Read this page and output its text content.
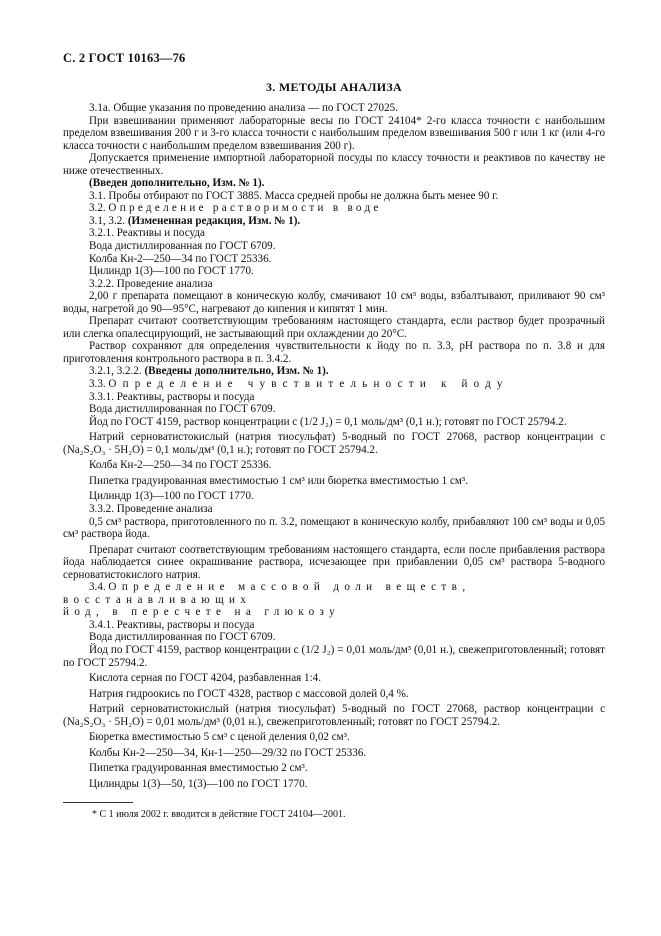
С. 2 ГОСТ 10163—76
3. МЕТОДЫ АНАЛИЗА

3.1а. Общие указания по проведению анализа — по ГОСТ 27025.

При взвешивании применяют лабораторные весы по ГОСТ 24104* 2-го класса точности с наибольшим пределом взвешивания 200 г и 3-го класса точности с наибольшим пределом взвешивания 500 г или 1 кг (или 4-го класса точности с наибольшим пределом взвешивания 200 г).

Допускается применение импортной лабораторной посуды по классу точности и реактивов по качеству не ниже отечественных.

(Введен дополнительно, Изм. № 1).

3.1. Пробы отбирают по ГОСТ 3885. Масса средней пробы не должна быть менее 90 г.

3.2. Определение растворимости в воде

3.1, 3.2. (Измененная редакция, Изм. № 1).

3.2.1. Реактивы и посуда

Вода дистиллированная по ГОСТ 6709.

Колба Кн-2—250—34 по ГОСТ 25336.

Цилиндр 1(3)—100 по ГОСТ 1770.

3.2.2. Проведение анализа

2,00 г препарата помещают в коническую колбу, смачивают 10 см³ воды, взбалтывают, приливают 90 см³ воды, нагретой до 90—95°С, нагревают до кипения и кипятят 1 мин.

Препарат считают соответствующим требованиям настоящего стандарта, если раствор будет прозрачный или слегка опалесцирующий, не застывающий при охлаждении до 20°С.

Раствор сохраняют для определения чувствительности к йоду по п. 3.3, pH раствора по п. 3.8 и для приготовления контрольного раствора в п. 3.4.2.

3.2.1, 3.2.2. (Введены дополнительно, Изм. № 1).

3.3. Определение чувствительности к йоду

3.3.1. Реактивы, растворы и посуда

Вода дистиллированная по ГОСТ 6709.

Йод по ГОСТ 4159, раствор концентрации c (1/2 J₂) = 0,1 моль/дм³ (0,1 н.); готовят по ГОСТ 25794.2.

Натрий серноватистокислый (натрия тиосульфат) 5-водный по ГОСТ 27068, раствор концентрации c (Na₂S₂O₃ · 5H₂O) = 0,1 моль/дм³ (0,1 н.); готовят по ГОСТ 25794.2.

Колба Кн-2—250—34 по ГОСТ 25336.

Пипетка градуированная вместимостью 1 см³ или бюретка вместимостью 1 см³.

Цилиндр 1(3)—100 по ГОСТ 1770.

3.3.2. Проведение анализа

0,5 см³ раствора, приготовленного по п. 3.2, помещают в коническую колбу, прибавляют 100 см³ воды и 0,05 см³ раствора йода.

Препарат считают соответствующим требованиям настоящего стандарта, если после прибавления раствора йода наблюдается синее окрашивание раствора, исчезающее при прибавлении 0,05 см³ раствора 5-водного серноватистокислого натрия.

3.4. Определение массовой доли веществ, восстанавливающих

йод, в пересчете на глюкозу

3.4.1. Реактивы, растворы и посуда

Вода дистиллированная по ГОСТ 6709.

Йод по ГОСТ 4159, раствор концентрации c (1/2 J₂) = 0,01 моль/дм³ (0,01 н.), свежеприготовленный; готовят по ГОСТ 25794.2.

Кислота серная по ГОСТ 4204, разбавленная 1:4.

Натрия гидроокись по ГОСТ 4328, раствор с массовой долей 0,4 %.

Натрий серноватистокислый (натрия тиосульфат) 5-водный по ГОСТ 27068, раствор концентрации c (Na₂S₂O₃ · 5H₂O) = 0,01 моль/дм³ (0,01 н.), свежеприготовленный; готовят по ГОСТ 25794.2.

Бюретка вместимостью 5 см³ с ценой деления 0,02 см³.

Колбы Кн-2—250—34, Кн-1—250—29/32 по ГОСТ 25336.

Пипетка градуированная вместимостью 2 см³.

Цилиндры 1(3)—50, 1(3)—100 по ГОСТ 1770.

* С 1 июля 2002 г. вводится в действие ГОСТ 24104—2001.
